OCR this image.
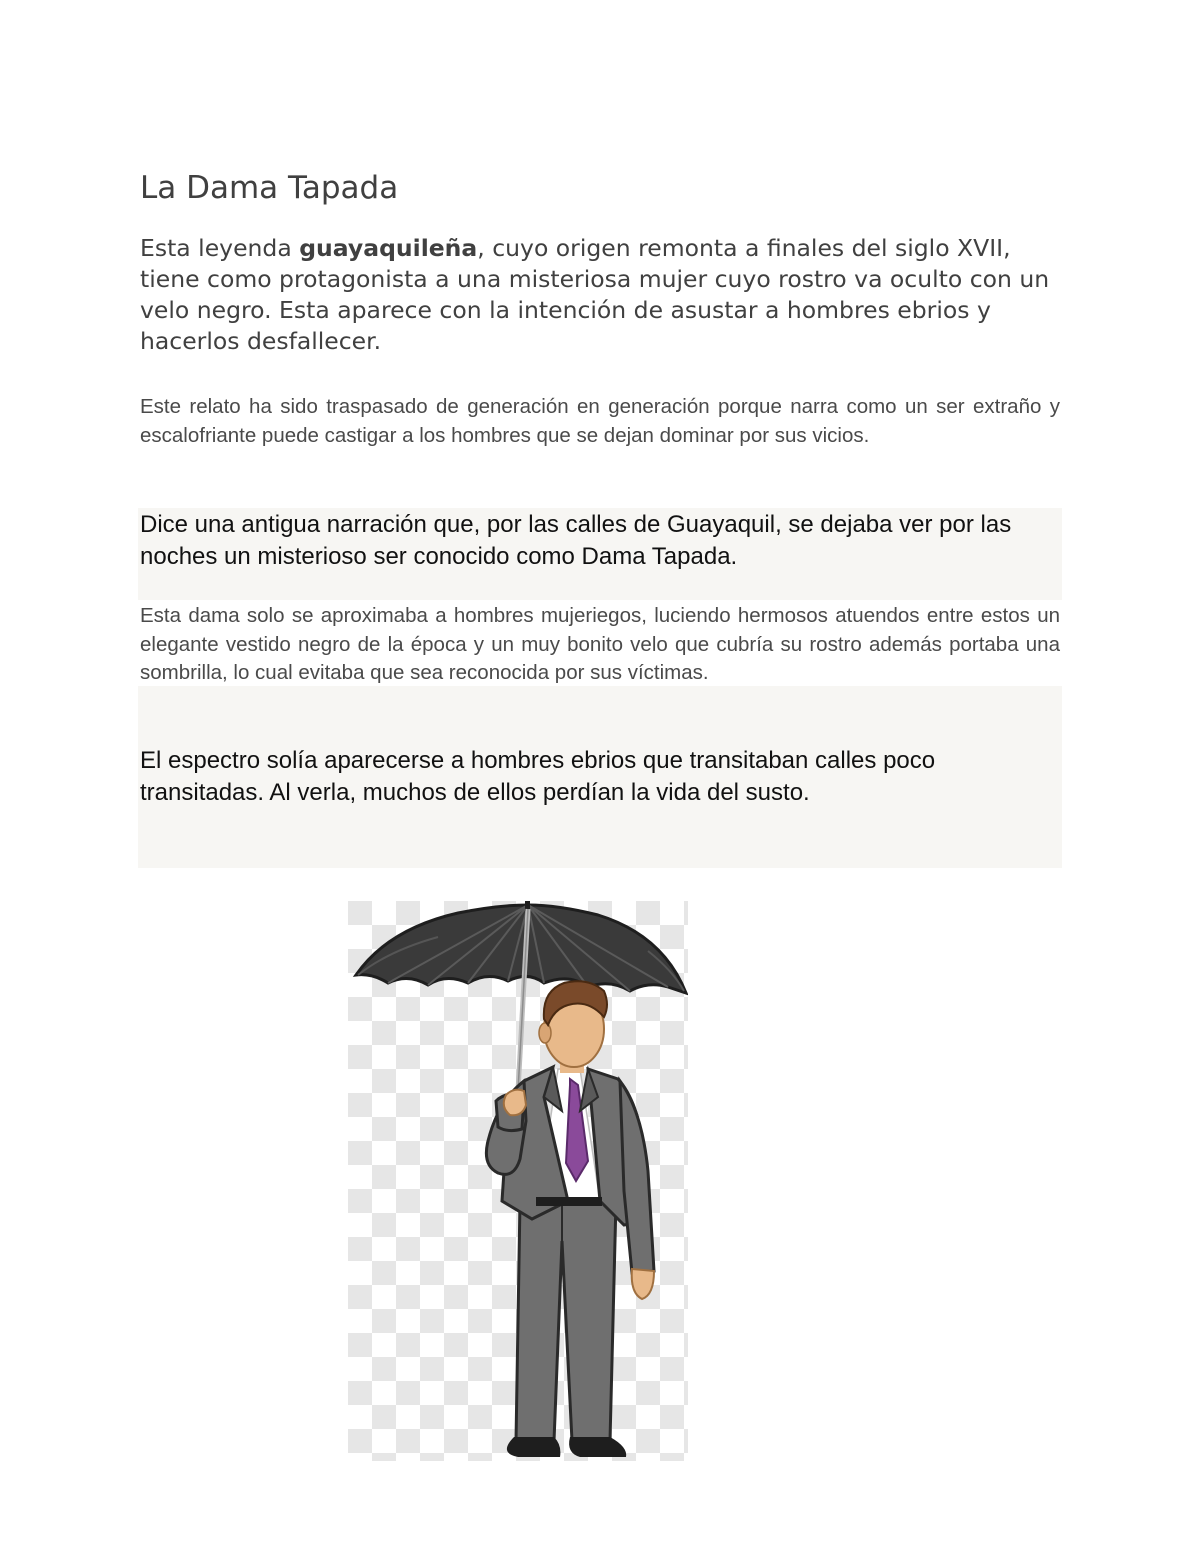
La Dama Tapada

Esta leyenda guayaquileña, cuyo origen remonta a finales del siglo XVII, tiene como protagonista a una misteriosa mujer cuyo rostro va oculto con un velo negro. Esta aparece con la intención de asustar a hombres ebrios y hacerlos desfallecer.

Este relato ha sido traspasado de generación en generación porque narra como un ser extraño y escalofriante puede castigar a los hombres que se dejan dominar por sus vicios.

Dice una antigua narración que, por las calles de Guayaquil, se dejaba ver por las noches un misterioso ser conocido como Dama Tapada.

Esta dama solo se aproximaba a hombres mujeriegos, luciendo hermosos atuendos entre estos un elegante vestido negro de la época y un muy bonito velo que cubría su rostro además portaba una sombrilla, lo cual evitaba que sea reconocida por sus víctimas.

El espectro solía aparecerse a hombres ebrios que transitaban calles poco transitadas. Al verla, muchos de ellos perdían la vida del susto.
